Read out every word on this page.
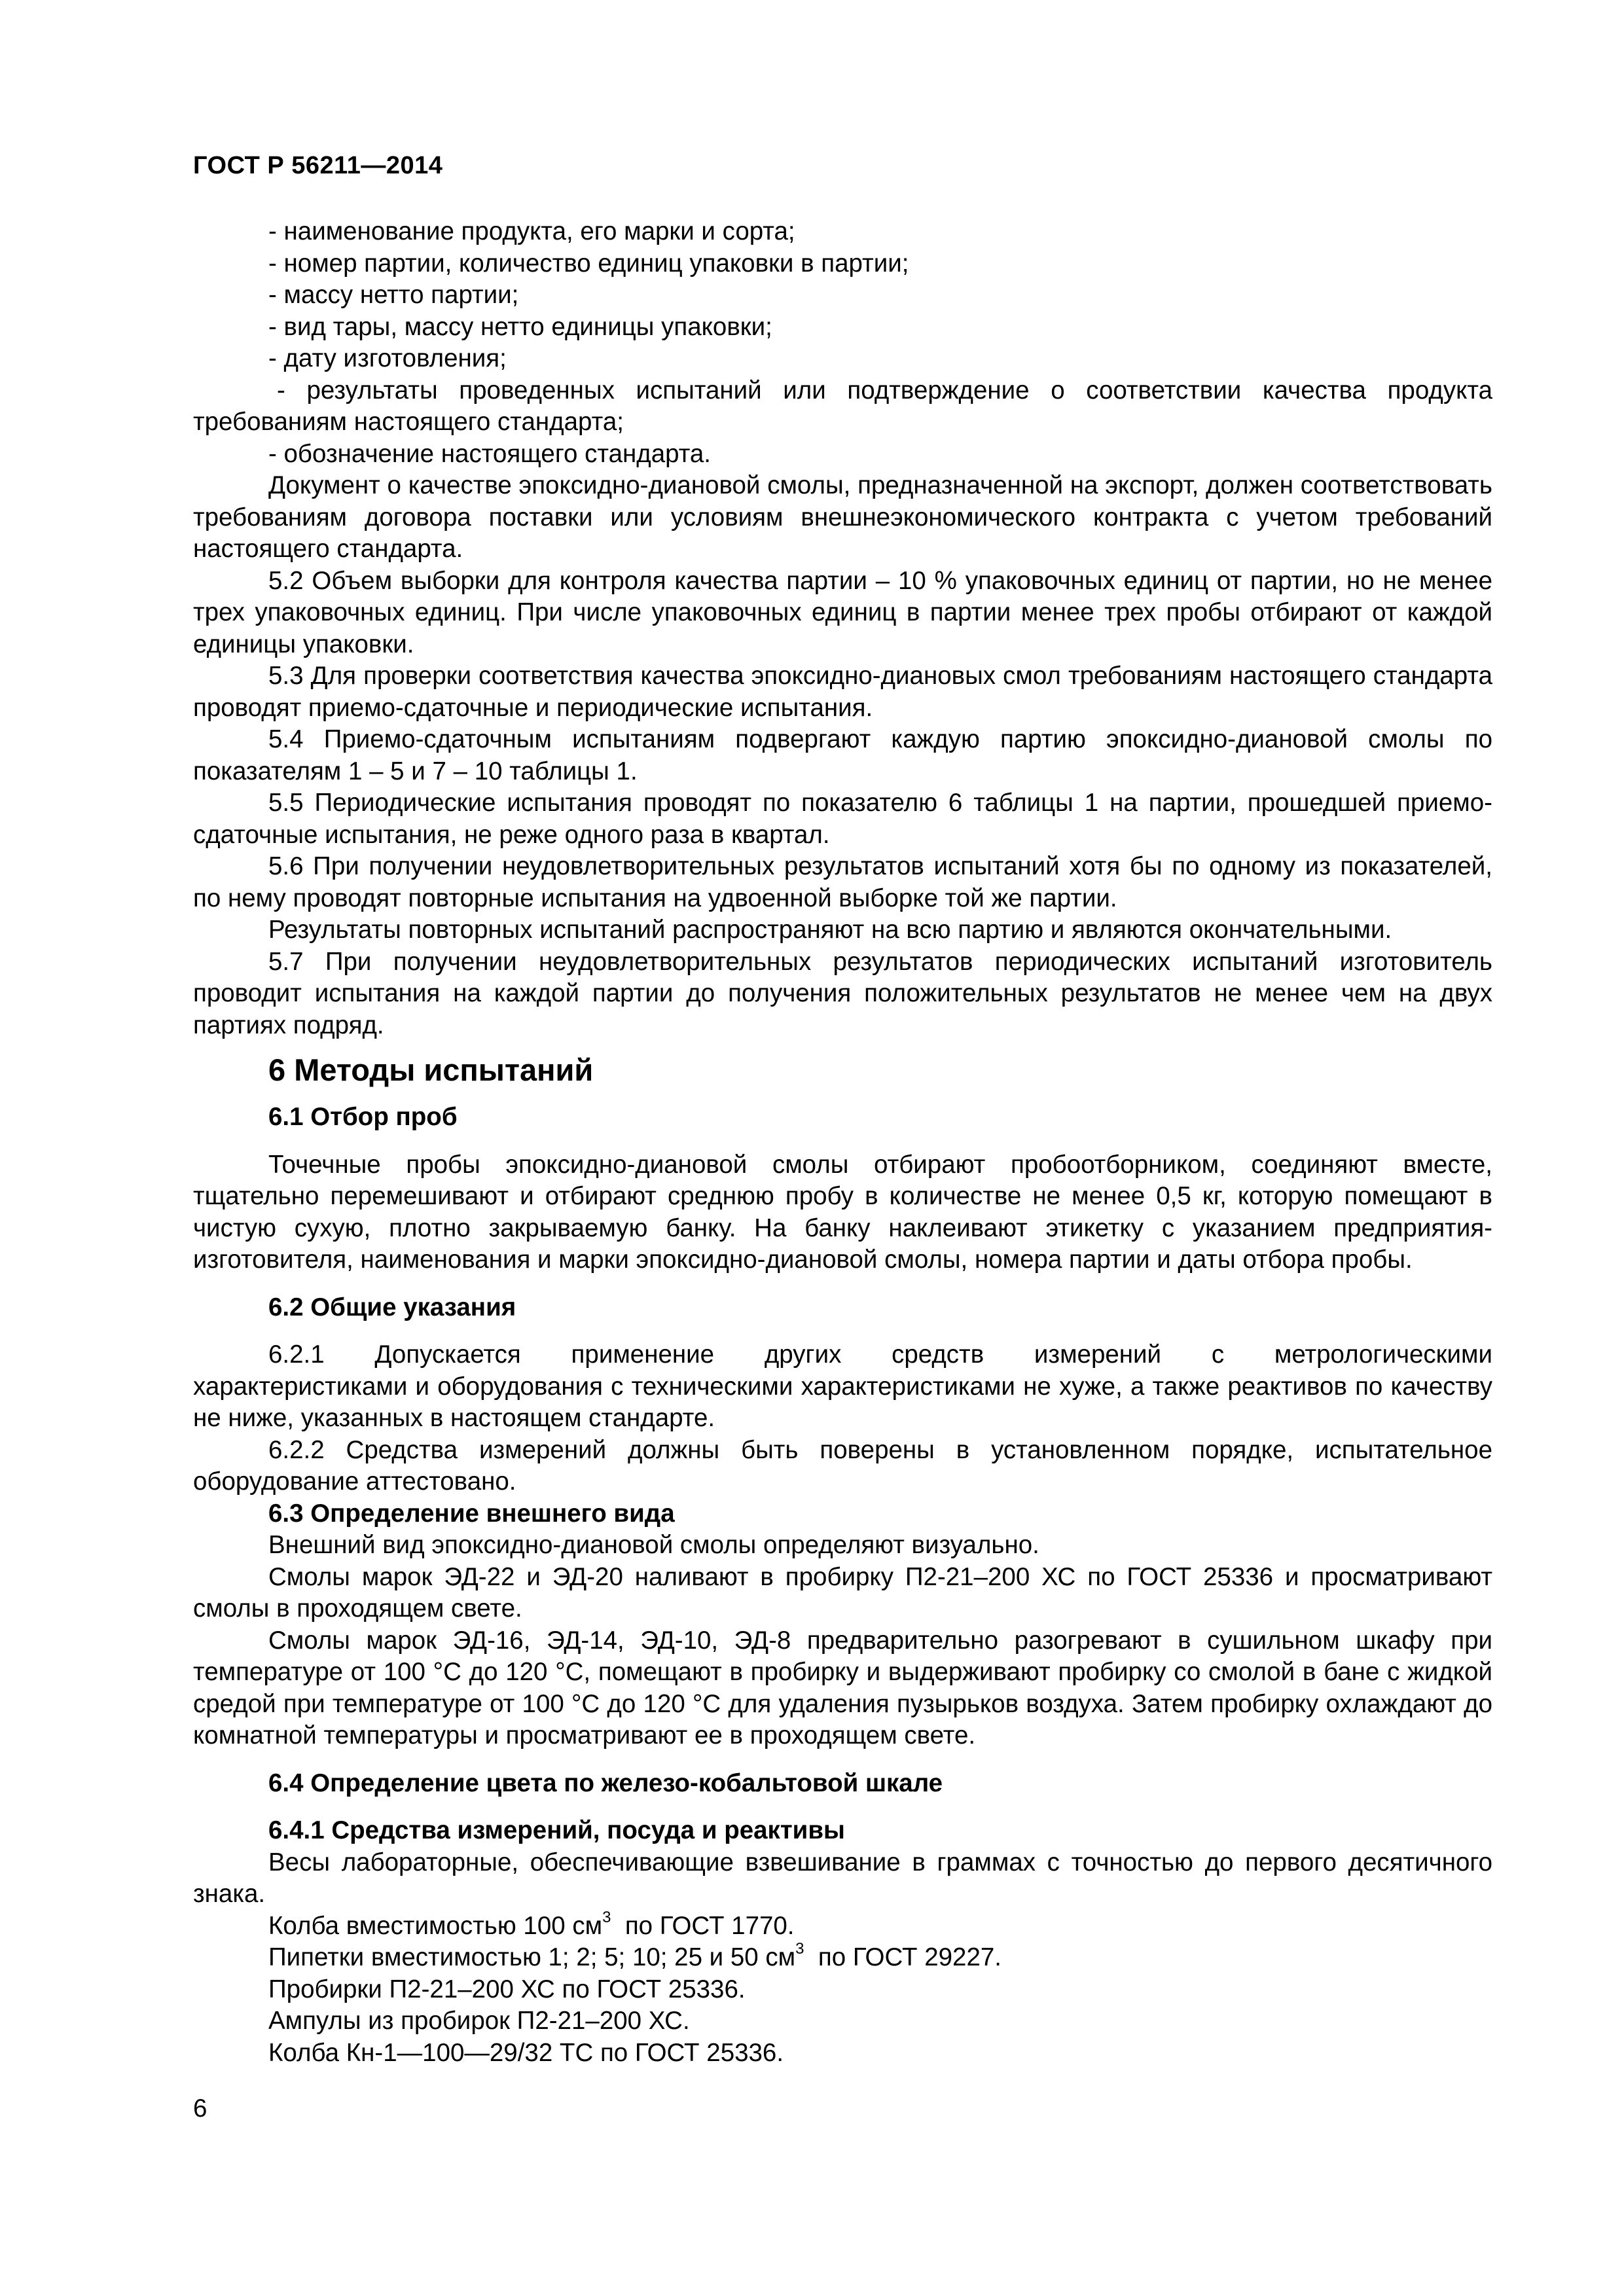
ГОСТ Р 56211—2014

- наименование продукта, его марки и сорта;

- номер партии, количество единиц упаковки в партии;

- массу нетто партии;

- вид тары, массу нетто единицы упаковки;

- дату изготовления;

- результаты проведенных испытаний или подтверждение о соответствии качества продукта требованиям настоящего стандарта;

- обозначение настоящего стандарта.

Документ о качестве эпоксидно-диановой смолы, предназначенной на экспорт, должен соответствовать требованиям договора поставки или условиям внешнеэкономического контракта с учетом требований настоящего стандарта.

5.2 Объем выборки для контроля качества партии – 10 % упаковочных единиц от партии, но не менее трех упаковочных единиц. При числе упаковочных единиц в партии менее трех пробы отбирают от каждой единицы упаковки.

5.3 Для проверки соответствия качества эпоксидно-диановых смол требованиям настоящего стандарта проводят приемо-сдаточные и периодические испытания.

5.4 Приемо-сдаточным испытаниям подвергают каждую партию эпоксидно-диановой смолы по показателям 1 – 5 и 7 – 10 таблицы 1.

5.5 Периодические испытания проводят по показателю 6 таблицы 1 на партии, прошедшей приемо-сдаточные испытания, не реже одного раза в квартал.

5.6 При получении неудовлетворительных результатов испытаний хотя бы по одному из показателей, по нему проводят повторные испытания на удвоенной выборке той же партии.

Результаты повторных испытаний распространяют на всю партию и являются окончательными.

5.7 При получении неудовлетворительных результатов периодических испытаний изготовитель проводит испытания на каждой партии до получения положительных результатов не менее чем на двух партиях подряд.

6 Методы испытаний

6.1 Отбор проб

Точечные пробы эпоксидно-диановой смолы отбирают пробоотборником, соединяют вместе, тщательно перемешивают и отбирают среднюю пробу в количестве не менее 0,5 кг, которую помещают в чистую сухую, плотно закрываемую банку. На банку наклеивают этикетку с указанием предприятия-изготовителя, наименования и марки эпоксидно-диановой смолы, номера партии и даты отбора пробы.

6.2 Общие указания

6.2.1     Допускается     применение     других     средств     измерений     с     метрологическими характеристиками и оборудования с техническими характеристиками не хуже, а также реактивов по качеству не ниже, указанных в настоящем стандарте.

6.2.2 Средства измерений должны быть поверены в установленном порядке, испытательное оборудование аттестовано.

6.3 Определение внешнего вида

Внешний вид эпоксидно-диановой смолы определяют визуально.

Смолы марок ЭД-22 и ЭД-20 наливают в пробирку П2-21–200 ХС по ГОСТ 25336 и просматривают смолы в проходящем свете.

Смолы марок ЭД-16, ЭД-14, ЭД-10, ЭД-8 предварительно разогревают в сушильном шкафу при температуре от 100 °С до 120 °С, помещают в пробирку и выдерживают пробирку со смолой в бане с жидкой средой при температуре от 100 °С до 120 °С для удаления пузырьков воздуха. Затем пробирку охлаждают до комнатной температуры и просматривают ее в проходящем свете.

6.4 Определение цвета по железо-кобальтовой шкале

6.4.1 Средства измерений, посуда и реактивы

Весы лабораторные, обеспечивающие взвешивание в граммах с точностью до первого десятичного знака.

Колба вместимостью 100 $см^3$  по ГОСТ 1770.

Пипетки вместимостью 1; 2; 5; 10; 25 и 50 $см^3$  по ГОСТ 29227.

Пробирки П2-21–200 ХС по ГОСТ 25336.

Ампулы из пробирок П2-21–200 ХС.

Колба Кн-1—100—29/32 ТС по ГОСТ 25336.

6
